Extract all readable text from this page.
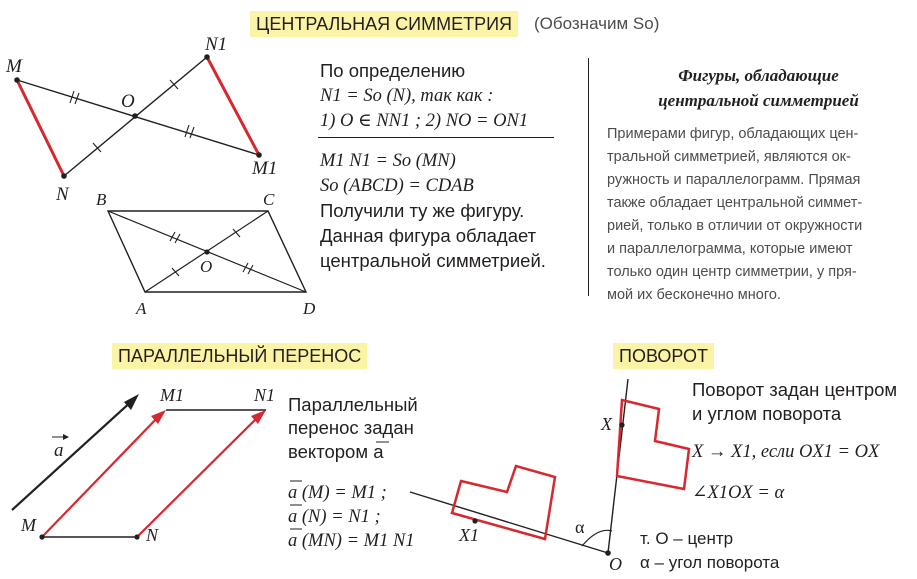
ЦЕНТРАЛЬНАЯ СИММЕТРИЯ	(Обозначим So)
ПАРАЛЛЕЛЬНЫЙ ПЕРЕНОС	ПОВОРОТ
По определению
N1 = So (N), так как :
1) O ∈ NN1 ; 2) NO = ON1
M1 N1 = So (MN)
So (ABCD) = CDAB
Получили ту же фигуру.
Данная фигура обладает
центральной симметрией.
Фигуры, обладающие
центральной симметрией
Примерами фигур, обладающих цен-
тральной симметрией, являются ок-
ружность и параллелограмм. Прямая
также обладает центральной симмет-
рией, только в отличии от окружности
и параллелограмма, которые имеют
только один центр симметрии, у пря-
мой их бесконечно много.
Параллельный
перенос задан
вектором a
a (M) = M1 ;
a (N) = N1 ;
a (MN) = M1 N1
Поворот задан центром
и углом поворота
X → X1, если OX1 = OX
∠X1OX = α
т. O – центр
α – угол поворота
M
N1
O
M1
N B	C
A	D
O
a
M1	N1
M	N
X
X1	α
O
